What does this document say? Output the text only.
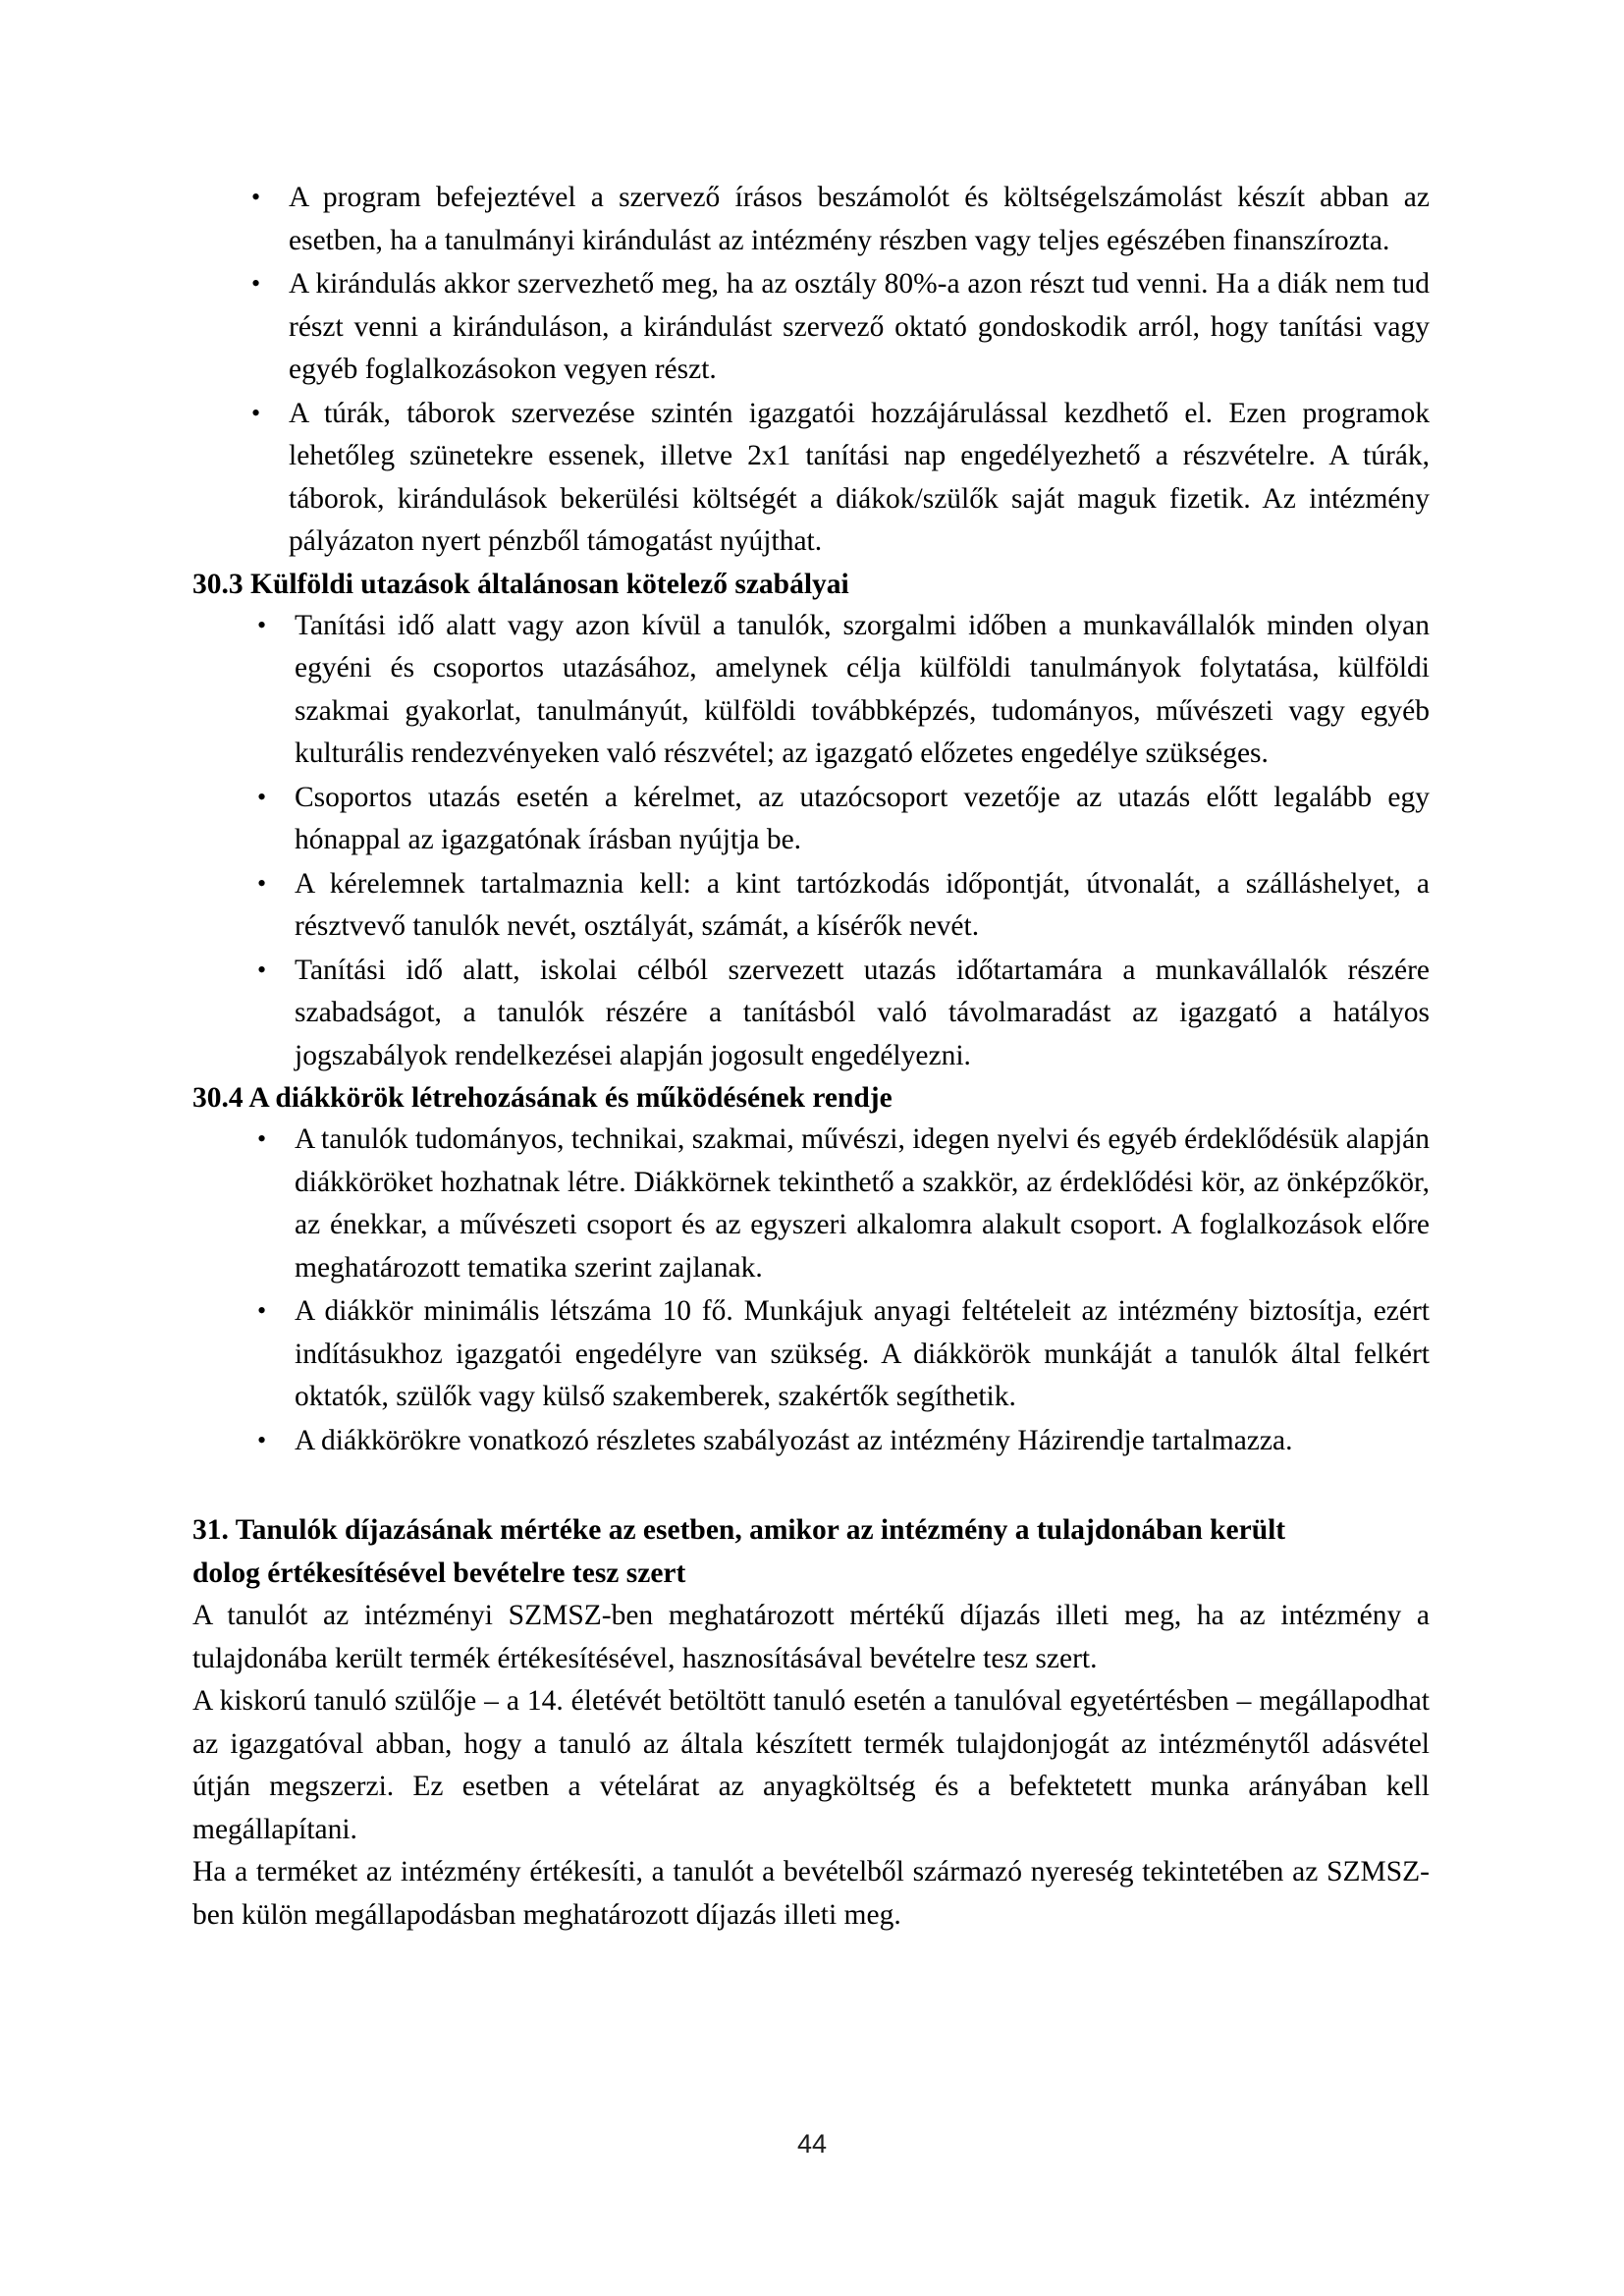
• A program befejeztével a szervező írásos beszámolót és költségelszámolást készít abban az esetben, ha a tanulmányi kirándulást az intézmény részben vagy teljes egészében finanszírozta.
• A kirándulás akkor szervezhető meg, ha az osztály 80%-a azon részt tud venni. Ha a diák nem tud részt venni a kiránduláson, a kirándulást szervező oktató gondoskodik arról, hogy tanítási vagy egyéb foglalkozásokon vegyen részt.
• A túrák, táborok szervezése szintén igazgatói hozzájárulással kezdhető el. Ezen programok lehetőleg szünetekre essenek, illetve 2x1 tanítási nap engedélyezhető a részvételre. A túrák, táborok, kirándulások bekerülési költségét a diákok/szülők saját maguk fizetik. Az intézmény pályázaton nyert pénzből támogatást nyújthat.
30.3 Külföldi utazások általánosan kötelező szabályai
• Tanítási idő alatt vagy azon kívül a tanulók, szorgalmi időben a munkavállalók minden olyan egyéni és csoportos utazásához, amelynek célja külföldi tanulmányok folytatása, külföldi szakmai gyakorlat, tanulmányút, külföldi továbbképzés, tudományos, művészeti vagy egyéb kulturális rendezvényeken való részvétel; az igazgató előzetes engedélye szükséges.
• Csoportos utazás esetén a kérelmet, az utazócsoport vezetője az utazás előtt legalább egy hónappal az igazgatónak írásban nyújtja be.
• A kérelemnek tartalmaznia kell: a kint tartózkodás időpontját, útvonalát, a szálláshelyet, a résztvevő tanulók nevét, osztályát, számát, a kísérők nevét.
• Tanítási idő alatt, iskolai célból szervezett utazás időtartamára a munkavállalók részére szabadságot, a tanulók részére a tanításból való távolmaradást az igazgató a hatályos jogszabályok rendelkezései alapján jogosult engedélyezni.
30.4 A diákkörök létrehozásának és működésének rendje
• A tanulók tudományos, technikai, szakmai, művészi, idegen nyelvi és egyéb érdeklődésük alapján diákköröket hozhatnak létre. Diákkörnek tekinthető a szakkör, az érdeklődési kör, az önképzőkör, az énekkar, a művészeti csoport és az egyszeri alkalomra alakult csoport. A foglalkozások előre meghatározott tematika szerint zajlanak.
• A diákkör minimális létszáma 10 fő. Munkájuk anyagi feltételeit az intézmény biztosítja, ezért indításukhoz igazgatói engedélyre van szükség. A diákkörök munkáját a tanulók által felkért oktatók, szülők vagy külső szakemberek, szakértők segíthetik.
• A diákkörökre vonatkozó részletes szabályozást az intézmény Házirendje tartalmazza.
31. Tanulók díjazásának mértéke az esetben, amikor az intézmény a tulajdonában került
dolog értékesítésével bevételre tesz szert

A tanulót az intézményi SZMSZ-ben meghatározott mértékű díjazás illeti meg, ha az intézmény a tulajdonába került termék értékesítésével, hasznosításával bevételre tesz szert.

A kiskorú tanuló szülője – a 14. életévét betöltött tanuló esetén a tanulóval egyetértésben – megállapodhat az igazgatóval abban, hogy a tanuló az általa készített termék tulajdonjogát az intézménytől adásvétel útján megszerzi. Ez esetben a vételárat az anyagköltség és a befektetett munka arányában kell megállapítani.

Ha a terméket az intézmény értékesíti, a tanulót a bevételből származó nyereség tekintetében az SZMSZ-ben külön megállapodásban meghatározott díjazás illeti meg.

44
